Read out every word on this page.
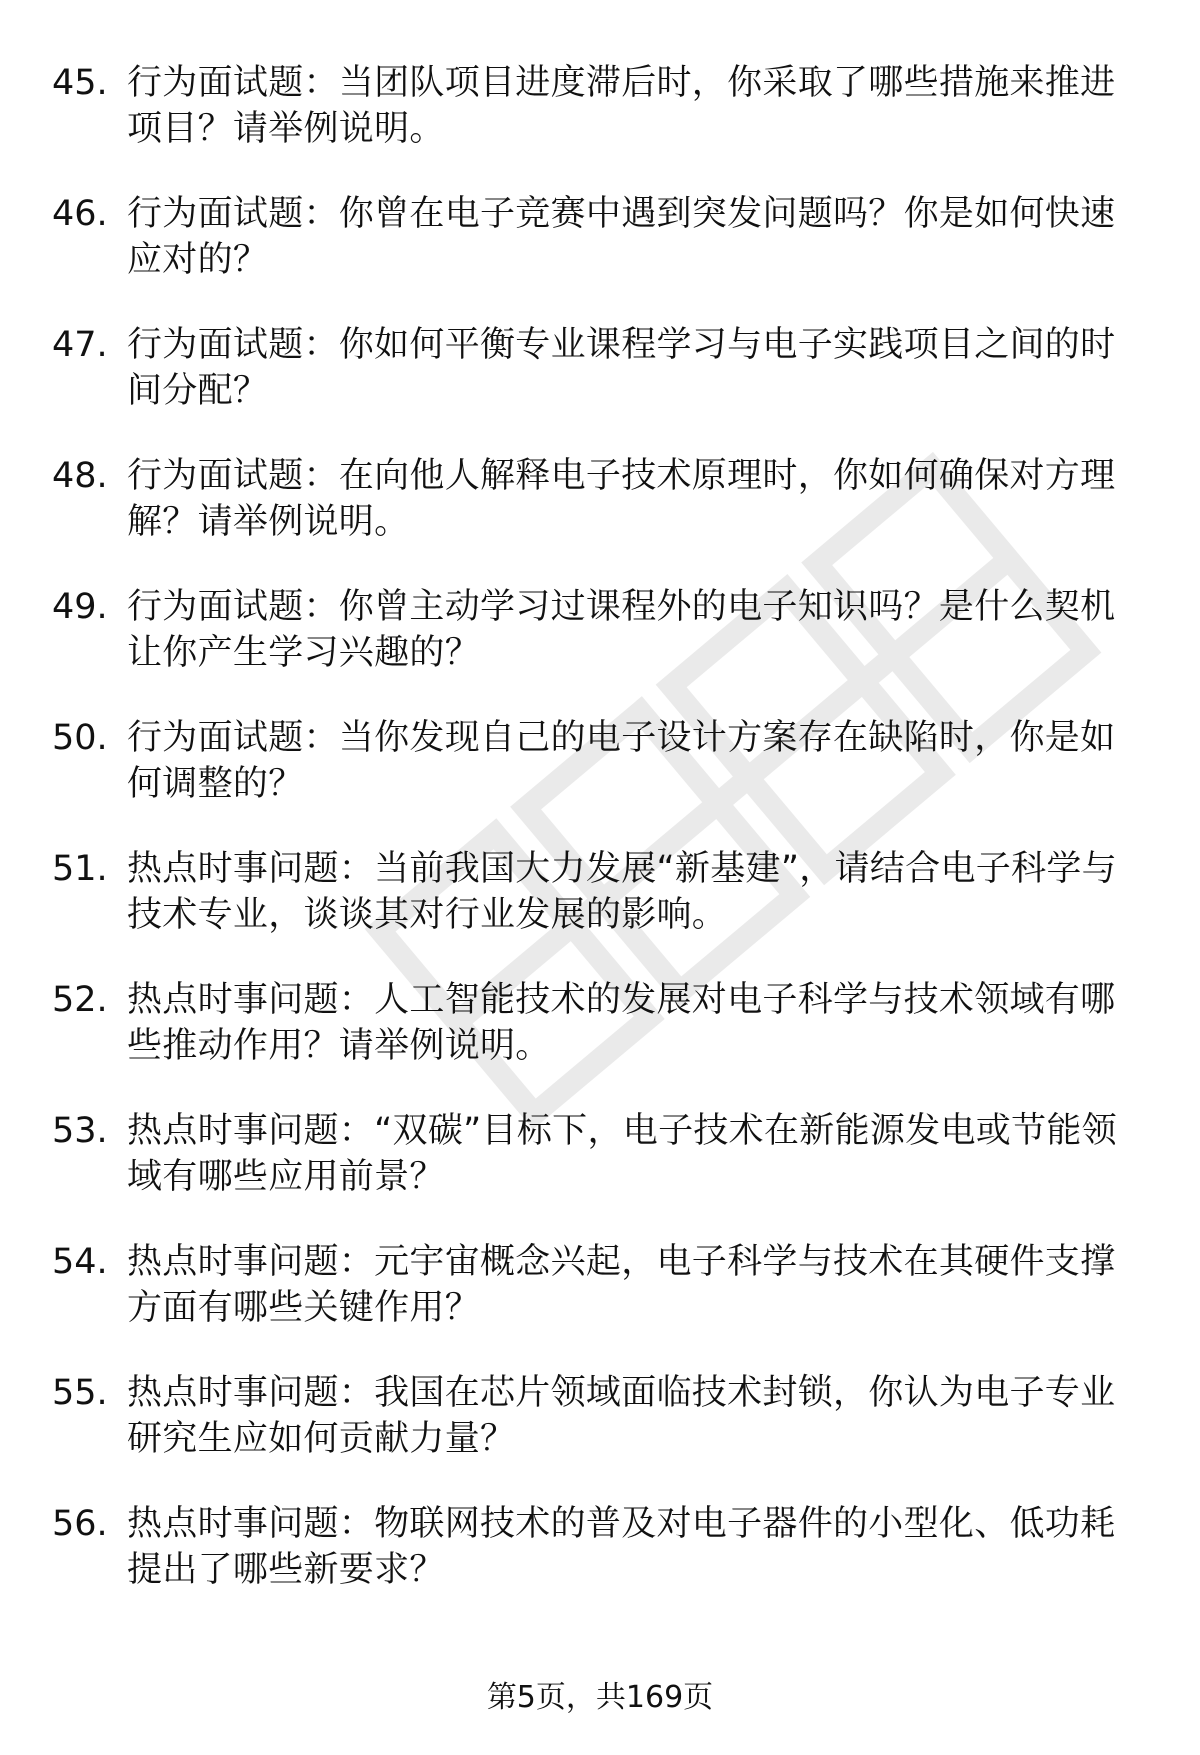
45. 行为面试题：当团队项目进度滞后时，你采取了哪些措施来推进项目？请举例说明。
46. 行为面试题：你曾在电子竞赛中遇到突发问题吗？你是如何快速应对的？
47. 行为面试题：你如何平衡专业课程学习与电子实践项目之间的时间分配？
48. 行为面试题：在向他人解释电子技术原理时，你如何确保对方理解？请举例说明。
49. 行为面试题：你曾主动学习过课程外的电子知识吗？是什么契机让你产生学习兴趣的？
50. 行为面试题：当你发现自己的电子设计方案存在缺陷时，你是如何调整的？
51. 热点时事问题：当前我国大力发展“新基建”，请结合电子科学与技术专业，谈谈其对行业发展的影响。
52. 热点时事问题：人工智能技术的发展对电子科学与技术领域有哪些推动作用？请举例说明。
53. 热点时事问题：“双碳”目标下，电子技术在新能源发电或节能领域有哪些应用前景？
54. 热点时事问题：元宇宙概念兴起，电子科学与技术在其硬件支撑方面有哪些关键作用？
55. 热点时事问题：我国在芯片领域面临技术封锁，你认为电子专业研究生应如何贡献力量？
56. 热点时事问题：物联网技术的普及对电子器件的小型化、低功耗提出了哪些新要求？
第5页，共169页
